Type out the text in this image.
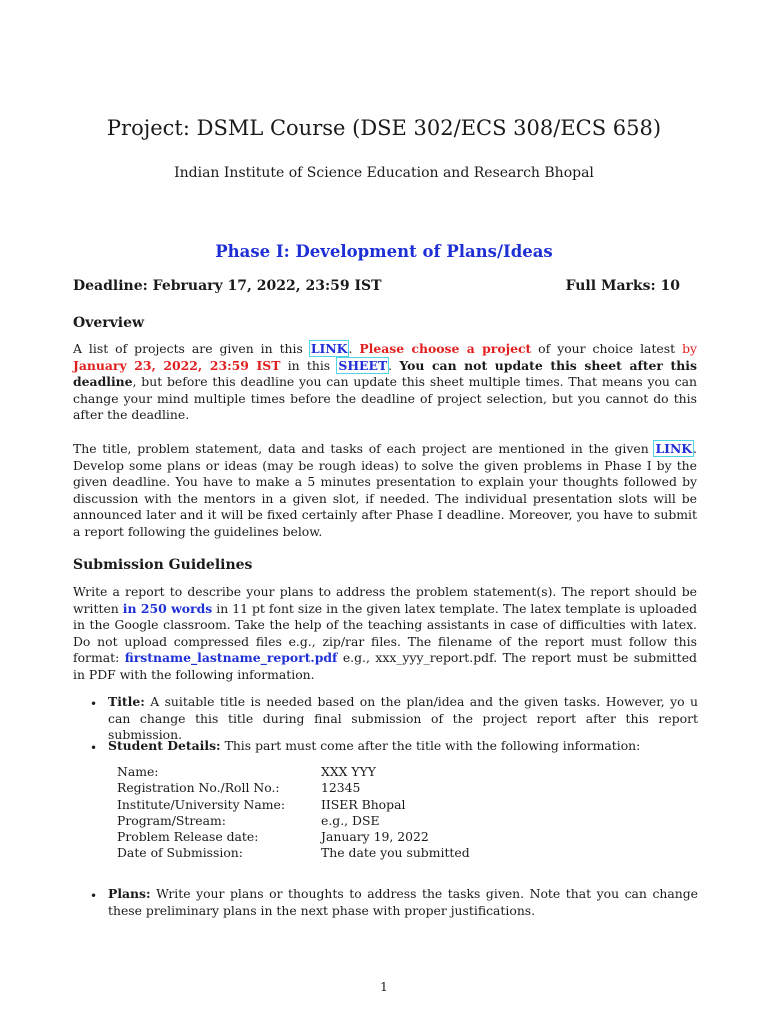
Project: DSML Course (DSE 302/ECS 308/ECS 658)
Indian Institute of Science Education and Research Bhopal
Phase I: Development of Plans/Ideas
Deadline: February 17, 2022, 23:59 IST	Full Marks: 10
Overview

A list of projects are given in this LINK. Please choose a project of your choice latest by January 23, 2022, 23:59 IST in this SHEET. You can not update this sheet after this deadline, but before this deadline you can update this sheet multiple times. That means you can change your mind multiple times before the deadline of project selection, but you cannot do this after the deadline.

The title, problem statement, data and tasks of each project are mentioned in the given LINK. Develop some plans or ideas (may be rough ideas) to solve the given problems in Phase I by the given deadline. You have to make a 5 minutes presentation to explain your thoughts followed by discussion with the mentors in a given slot, if needed. The individual presentation slots will be announced later and it will be fixed certainly after Phase I deadline. Moreover, you have to submit a report following the guidelines below.

Submission Guidelines

Write a report to describe your plans to address the problem statement(s). The report should be written in 250 words in 11 pt font size in the given latex template. The latex template is uploaded in the Google classroom. Take the help of the teaching assistants in case of difficulties with latex. Do not upload compressed files e.g., zip/rar files. The filename of the report must follow this format: firstname_lastname_report.pdf e.g., xxx_yyy_report.pdf. The report must be submitted in PDF with the following information.

• Title: A suitable title is needed based on the plan/idea and the given tasks. However, yo u can change this title during final submission of the project report after this report submission.

• Student Details: This part must come after the title with the following information:

Name:	XXX YYY
Registration No./Roll No.:	12345
Institute/University Name:	IISER Bhopal
Program/Stream:	e.g., DSE
Problem Release date:	January 19, 2022
Date of Submission:	The date you submitted
• Plans: Write your plans or thoughts to address the tasks given. Note that you can change these preliminary plans in the next phase with proper justifications.

1
